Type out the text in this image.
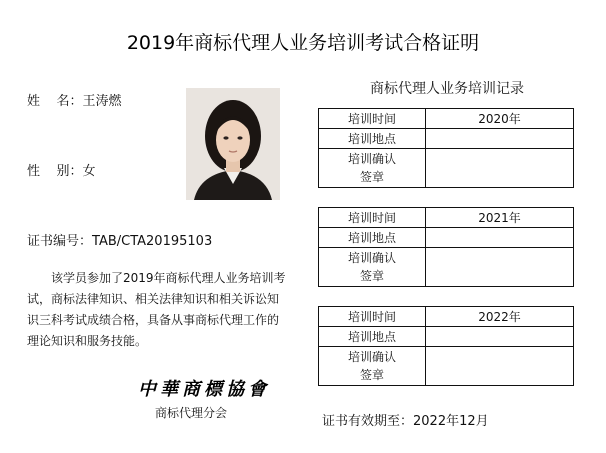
2019年商标代理人业务培训考试合格证明
姓    名：王涛燃
性    别：女
证书编号：TAB/CTA20195103

该学员参加了2019年商标代理人业务培训考试，商标法律知识、相关法律知识和相关诉讼知识三科考试成绩合格，具备从事商标代理工作的理论知识和服务技能。

中華商標協會
商标代理分会
商标代理人业务培训记录
培训时间	2020年
培训地点	

培训确认
签章	

培训时间	2021年
培训地点	

培训确认
签章	

培训时间	2022年
培训地点	

培训确认
签章	

证书有效期至：2022年12月
